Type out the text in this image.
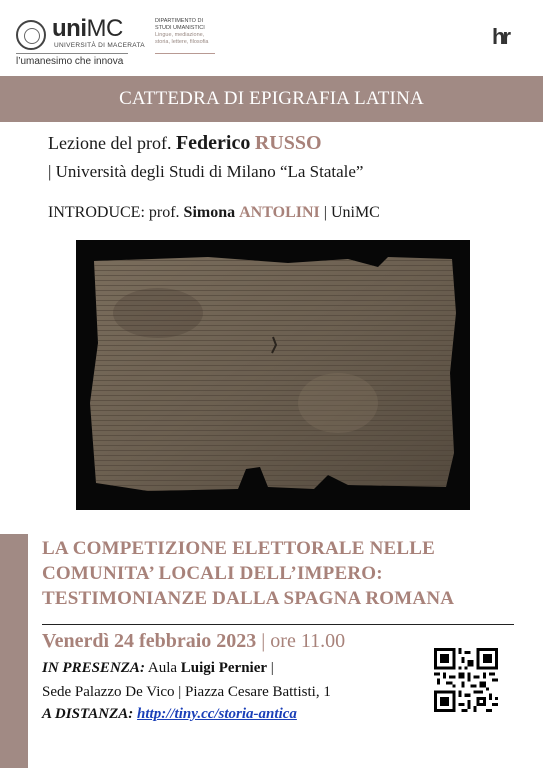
uniMC
UNIVERSITÀ DI MACERATA
l’umanesimo che innova
DIPARTIMENTO DI
STUDI UMANISTICI
Lingue, mediazione,
storia, lettere, filosofia	hr
CATTEDRA DI EPIGRAFIA LATINA
Lezione del prof. Federico RUSSO
| Università degli Studi di Milano “La Statale”
INTRODUCE: prof. Simona ANTOLINI | UniMC
LA COMPETIZIONE ELETTORALE NELLE
COMUNITA’ LOCALI DELL’IMPERO:
TESTIMONIANZE DALLA SPAGNA ROMANA
Venerdì 24 febbraio 2023 | ore 11.00
IN PRESENZA: Aula Luigi Pernier |
Sede Palazzo De Vico | Piazza Cesare Battisti, 1
A DISTANZA: http://tiny.cc/storia-antica
